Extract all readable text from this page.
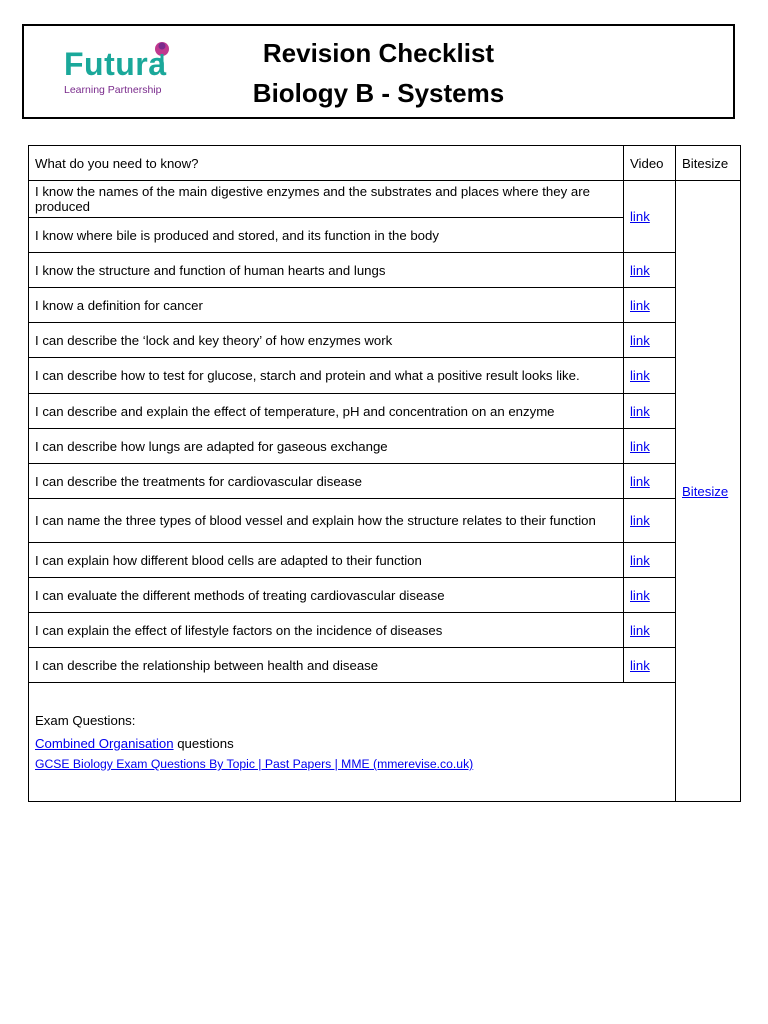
Futura
Learning Partnership
Revision Checklist
Biology B - Systems
What do you need to know?	Video	Bitesize
I know the names of the main digestive enzymes and the substrates and places where they are produced	link	Bitesize
I know where bile is produced and stored, and its function in the body		
I know the structure and function of human hearts and lungs	link	
I know a definition for cancer	link	
I can describe the ‘lock and key theory’ of how enzymes work	link	
I can describe how to test for glucose, starch and protein and what a positive result looks like.	link	
I can describe and explain the effect of temperature, pH and concentration on an enzyme	link	
I can describe how lungs are adapted for gaseous exchange	link	
I can describe the treatments for cardiovascular disease	link	
I can name the three types of blood vessel and explain how the structure relates to their function	link	
I can explain how different blood cells are adapted to their function	link	
I can evaluate the different methods of treating cardiovascular disease	link	
I can explain the effect of lifestyle factors on the incidence of diseases	link	
I can describe the relationship between health and disease	link	

Exam Questions:
Combined Organisation questions
GCSE Biology Exam Questions By Topic | Past Papers | MME (mmerevise.co.uk)		
